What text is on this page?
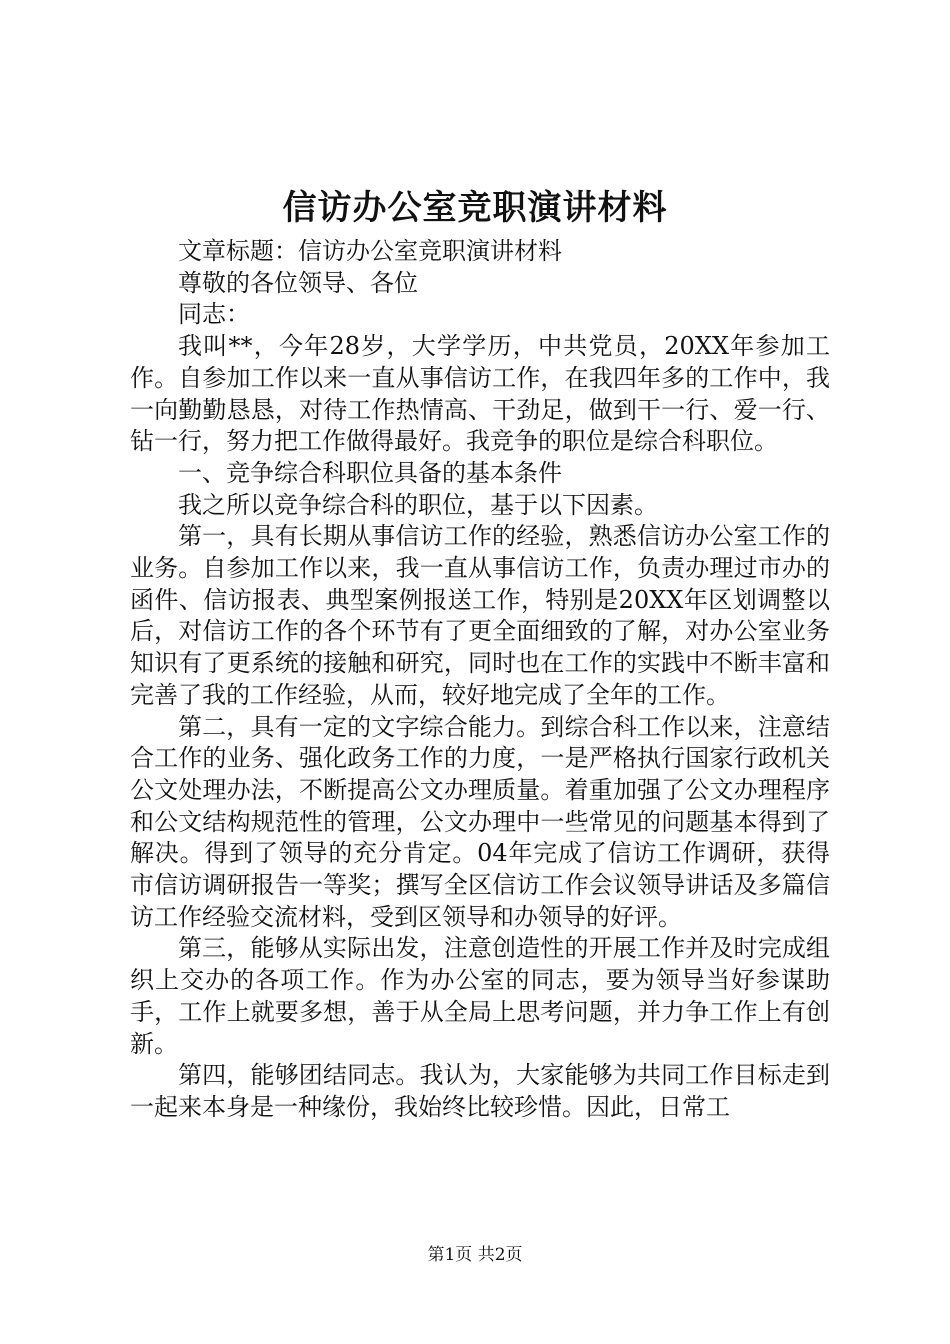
信访办公室竞职演讲材料

文章标题：信访办公室竞职演讲材料

尊敬的各位领导、各位

同志：

我叫**，今年28岁，大学学历，中共党员，20XX年参加工作。自参加工作以来一直从事信访工作，在我四年多的工作中，我一向勤勤恳恳，对待工作热情高、干劲足，做到干一行、爱一行、钻一行，努力把工作做得最好。我竞争的职位是综合科职位。

一、竞争综合科职位具备的基本条件

我之所以竞争综合科的职位，基于以下因素。

第一，具有长期从事信访工作的经验，熟悉信访办公室工作的业务。自参加工作以来，我一直从事信访工作，负责办理过市办的函件、信访报表、典型案例报送工作，特别是20XX年区划调整以后，对信访工作的各个环节有了更全面细致的了解，对办公室业务知识有了更系统的接触和研究，同时也在工作的实践中不断丰富和完善了我的工作经验，从而，较好地完成了全年的工作。

第二，具有一定的文字综合能力。到综合科工作以来，注意结合工作的业务、强化政务工作的力度，一是严格执行国家行政机关公文处理办法，不断提高公文办理质量。着重加强了公文办理程序和公文结构规范性的管理，公文办理中一些常见的问题基本得到了解决。得到了领导的充分肯定。04年完成了信访工作调研，获得市信访调研报告一等奖；撰写全区信访工作会议领导讲话及多篇信访工作经验交流材料，受到区领导和办领导的好评。

第三，能够从实际出发，注意创造性的开展工作并及时完成组织上交办的各项工作。作为办公室的同志，要为领导当好参谋助手，工作上就要多想，善于从全局上思考问题，并力争工作上有创新。

第四，能够团结同志。我认为，大家能够为共同工作目标走到一起来本身是一种缘份，我始终比较珍惜。因此，日常工

第1页 共2页
